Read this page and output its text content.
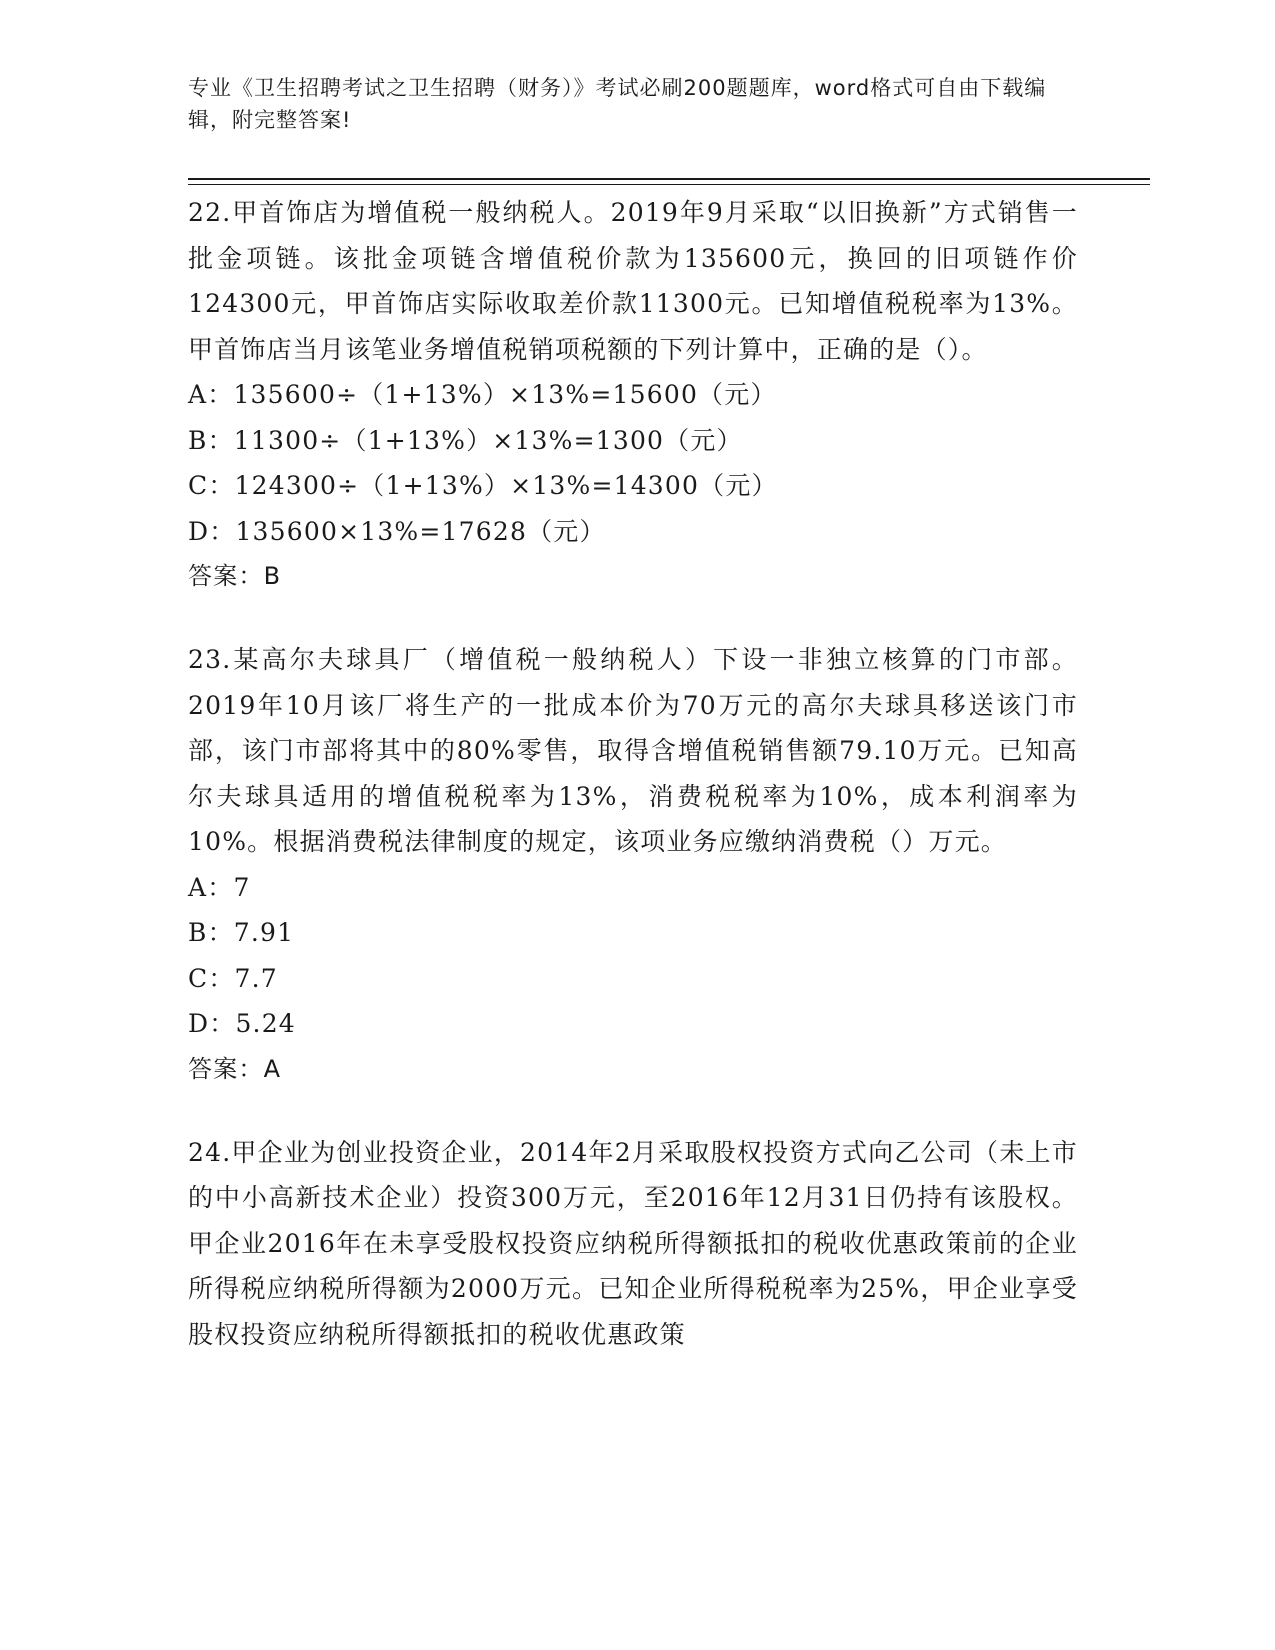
专业《卫生招聘考试之卫生招聘（财务）》考试必刷200题题库，word格式可自由下载编辑，附完整答案!

22.甲首饰店为增值税一般纳税人。2019年9月采取“以旧换新”方式销售一批金项链。该批金项链含增值税价款为135600元，换回的旧项链作价124300元，甲首饰店实际收取差价款11300元。已知增值税税率为13%。甲首饰店当月该笔业务增值税销项税额的下列计算中，正确的是（）。

A：135600÷（1+13%）×13%=15600（元）

B：11300÷（1+13%）×13%=1300（元）

C：124300÷（1+13%）×13%=14300（元）

D：135600×13%=17628（元）

答案：B

23.某高尔夫球具厂（增值税一般纳税人）下设一非独立核算的门市部。2019年10月该厂将生产的一批成本价为70万元的高尔夫球具移送该门市部，该门市部将其中的80%零售，取得含增值税销售额79.10万元。已知高尔夫球具适用的增值税税率为13%，消费税税率为10%，成本利润率为10%。根据消费税法律制度的规定，该项业务应缴纳消费税（）万元。

A：7

B：7.91

C：7.7

D：5.24

答案：A

24.甲企业为创业投资企业，2014年2月采取股权投资方式向乙公司（未上市的中小高新技术企业）投资300万元，至2016年12月31日仍持有该股权。甲企业2016年在未享受股权投资应纳税所得额抵扣的税收优惠政策前的企业所得税应纳税所得额为2000万元。已知企业所得税税率为25%，甲企业享受股权投资应纳税所得额抵扣的税收优惠政策
